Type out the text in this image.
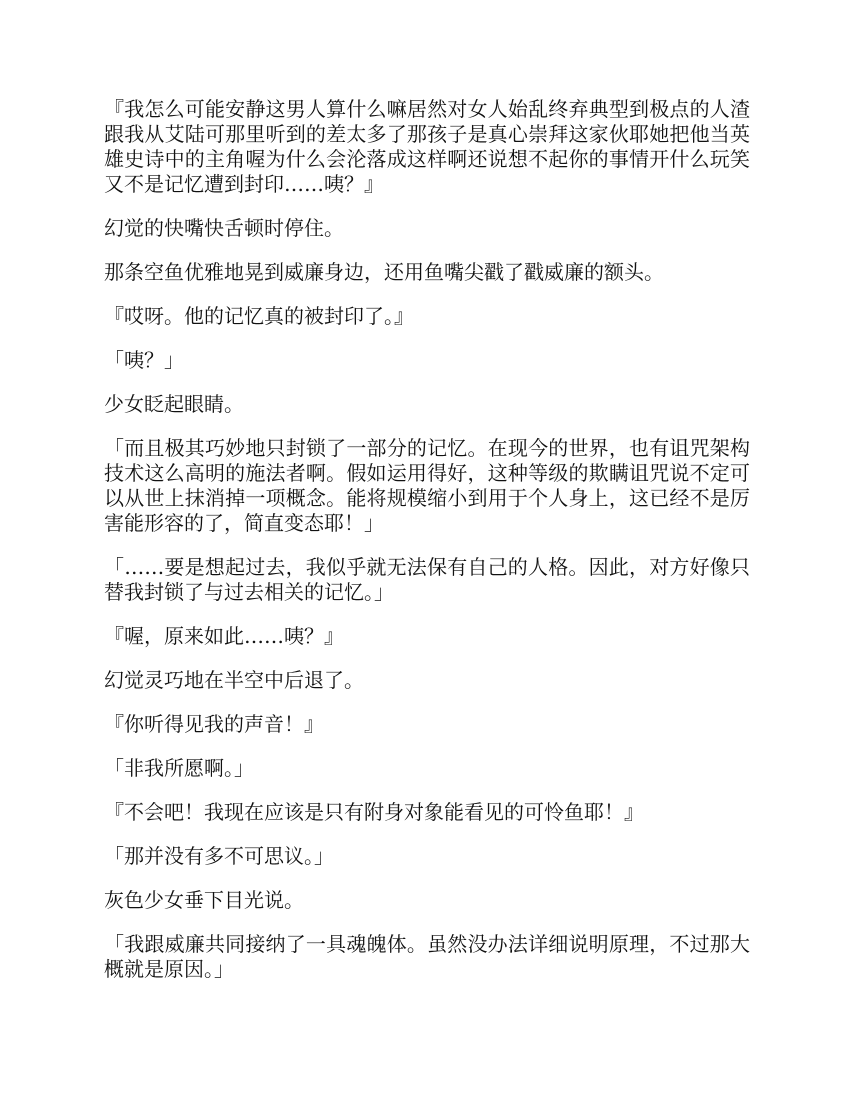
『我怎么可能安静这男人算什么嘛居然对女人始乱终弃典型到极点的人渣跟我从艾陆可那里听到的差太多了那孩子是真心崇拜这家伙耶她把他当英雄史诗中的主角喔为什么会沦落成这样啊还说想不起你的事情开什么玩笑又不是记忆遭到封印……咦？』

幻觉的快嘴快舌顿时停住。

那条空鱼优雅地晃到威廉身边，还用鱼嘴尖戳了戳威廉的额头。

『哎呀。他的记忆真的被封印了。』

「咦？」

少女眨起眼睛。

「而且极其巧妙地只封锁了一部分的记忆。在现今的世界，也有诅咒架构技术这么高明的施法者啊。假如运用得好，这种等级的欺瞒诅咒说不定可以从世上抹消掉一项概念。能将规模缩小到用于个人身上，这已经不是厉害能形容的了，简直变态耶！」

「……要是想起过去，我似乎就无法保有自己的人格。因此，对方好像只替我封锁了与过去相关的记忆。」

『喔，原来如此……咦？』

幻觉灵巧地在半空中后退了。

『你听得见我的声音！』

「非我所愿啊。」

『不会吧！我现在应该是只有附身对象能看见的可怜鱼耶！』

「那并没有多不可思议。」

灰色少女垂下目光说。

「我跟威廉共同接纳了一具魂魄体。虽然没办法详细说明原理，不过那大概就是原因。」
